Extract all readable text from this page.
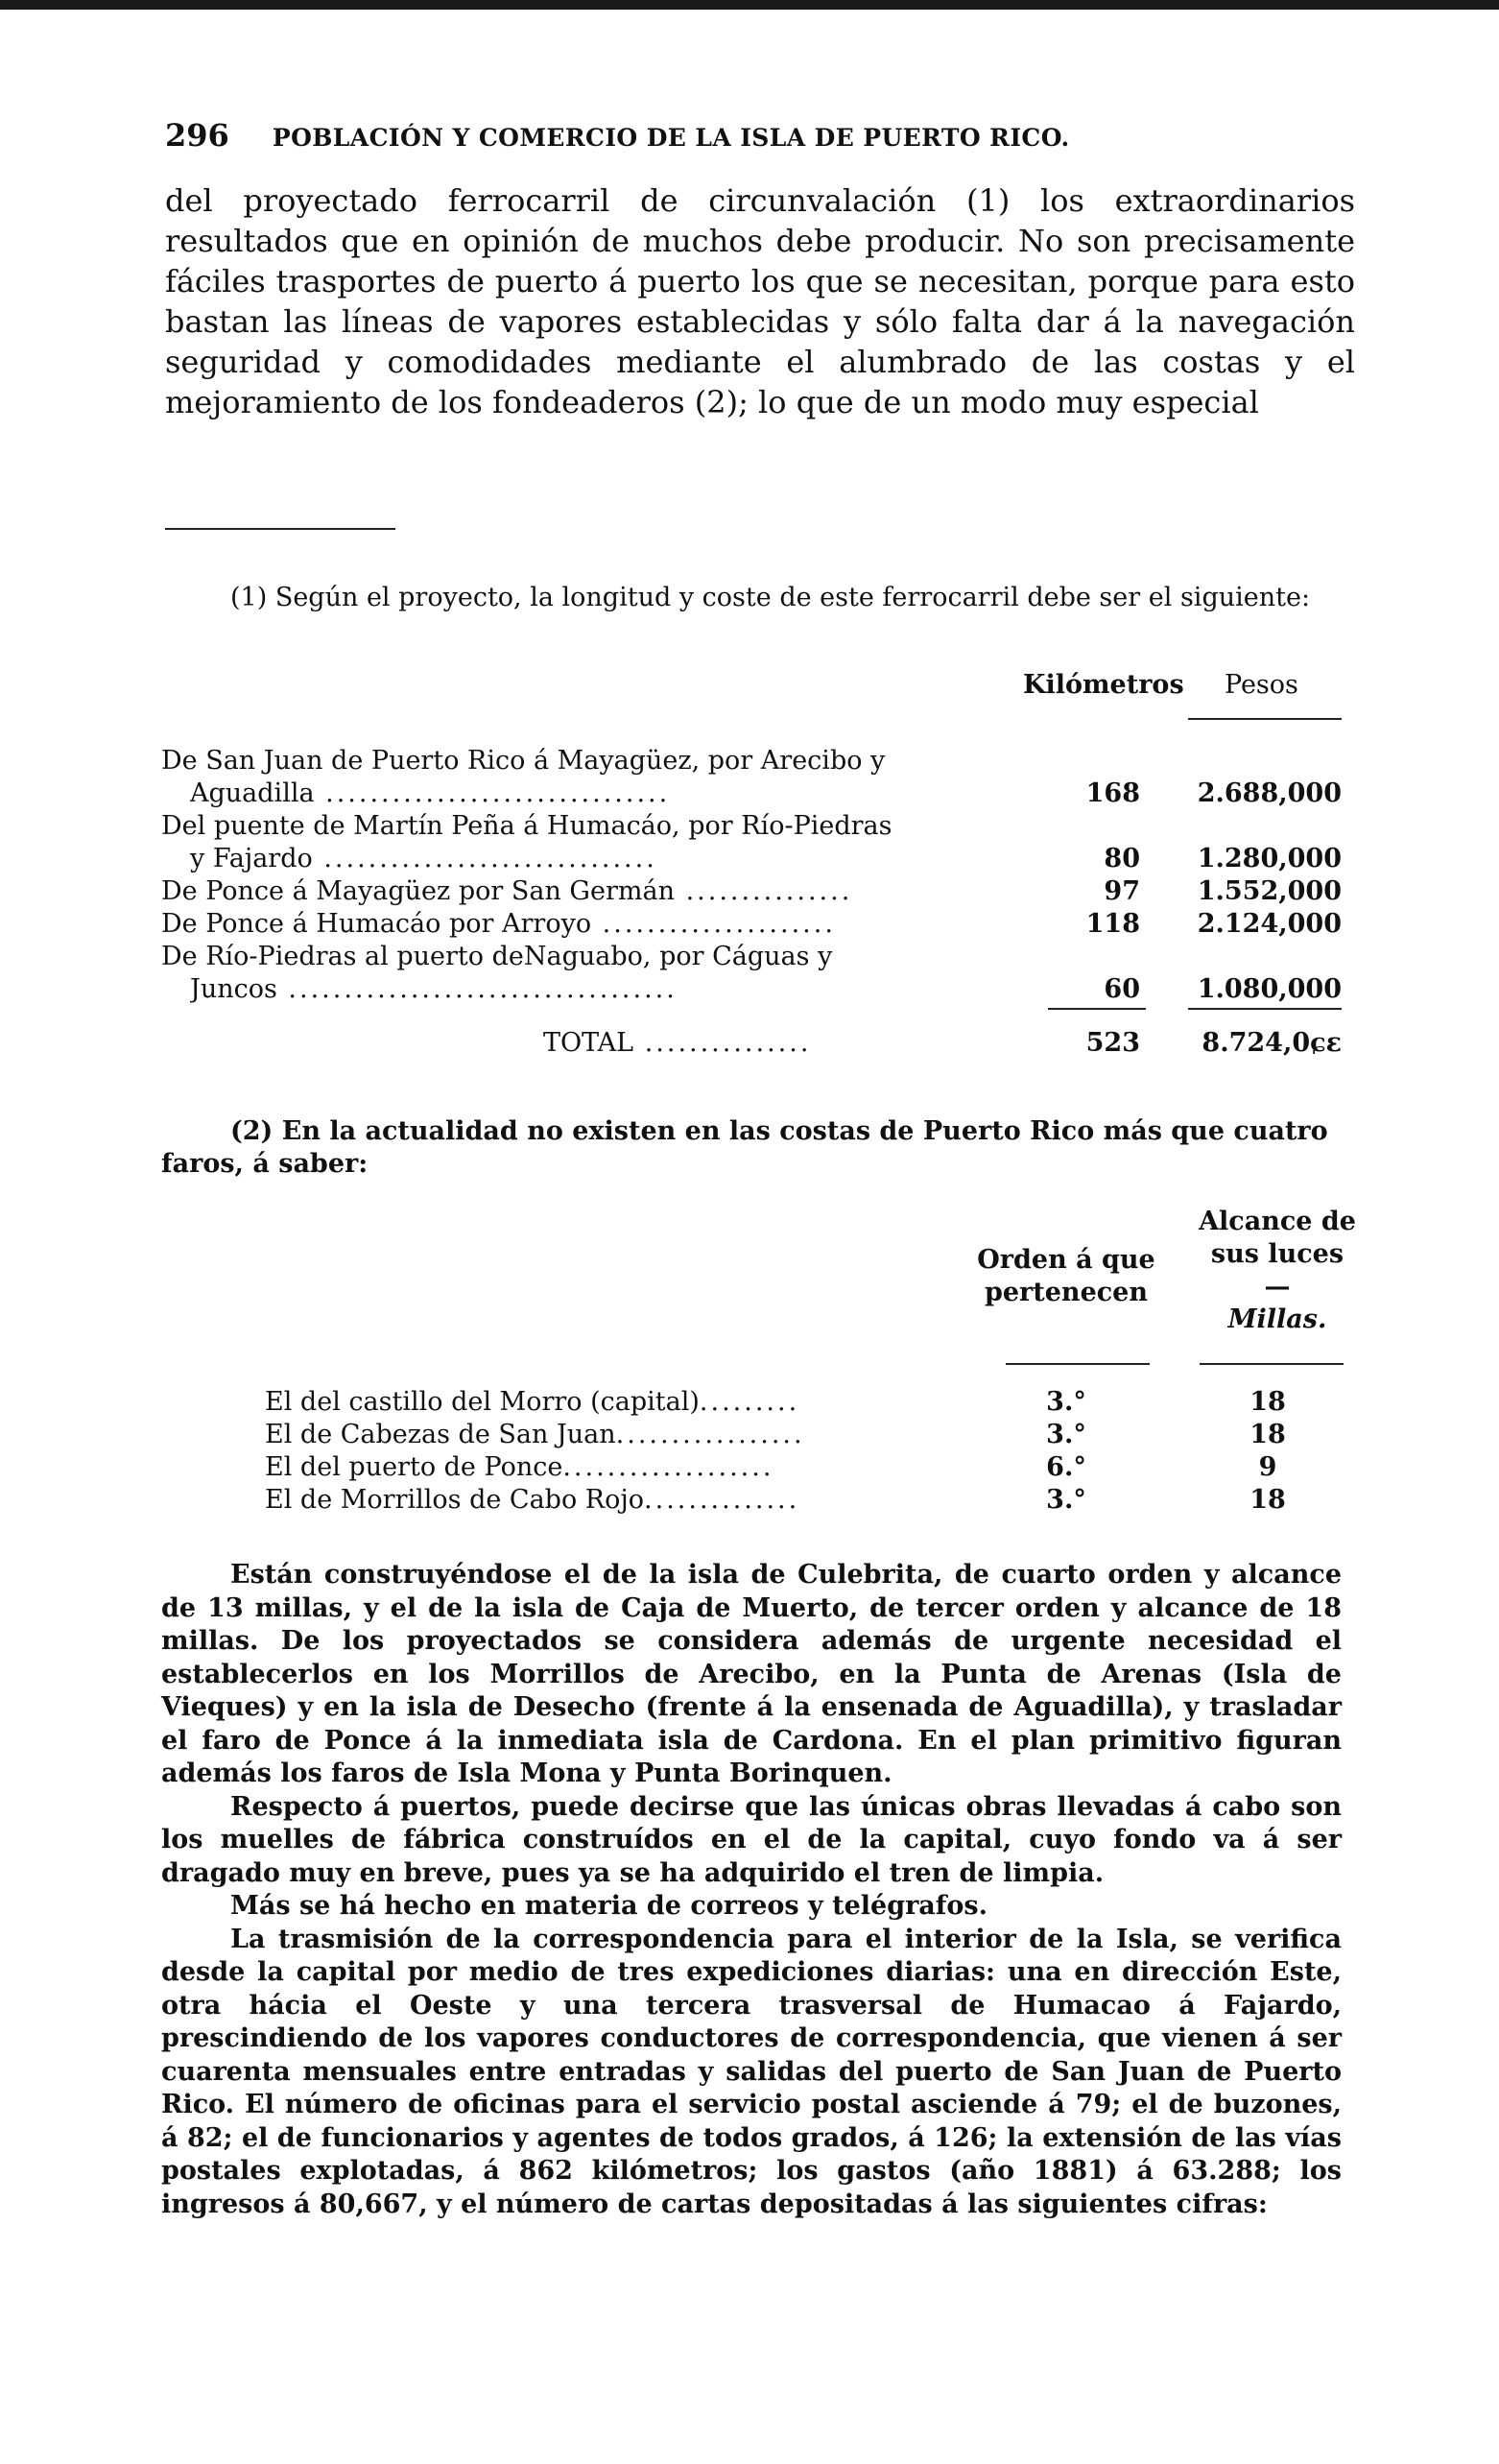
296 POBLACIÓN Y COMERCIO DE LA ISLA DE PUERTO RICO.

del proyectado ferrocarril de circunvalación (1) los extraordinarios resultados que en opinión de muchos debe producir. No son precisamente fáciles trasportes de puerto á puerto los que se necesitan, porque para esto bastan las líneas de vapores establecidas y sólo falta dar á la navegación seguridad y comodidades mediante el alumbrado de las costas y el mejoramiento de los fondeaderos (2); lo que de un modo muy especial

(1) Según el proyecto, la longitud y coste de este ferrocarril debe ser el siguiente:

Kilómetros Pesos
De San Juan de Puerto Rico á Mayagüez, por Arecibo y
Aguadilla ...............................	168	2.688,000
Del puente de Martín Peña á Humacáo, por Río-Piedras
y Fajardo ..............................	80	1.280,000
De Ponce á Mayagüez por San Germán ...............	97	1.552,000
De Ponce á Humacáo por Arroyo .....................	118	2.124,000
De Río-Piedras al puerto deNaguabo, por Cáguas y
Juncos ...................................	60	1.080,000
TOTAL ...............	523	8.724,0ɕɛ

(2) En la actualidad no existen en las costas de Puerto Rico más que cuatro faros, á saber:

Orden á que pertenecen
Alcance de sus luces
—
Millas.
El del castillo del Morro (capital).........	3.°	18
El de Cabezas de San Juan.................	3.°	18
El del puerto de Ponce...................	6.°	9
El de Morrillos de Cabo Rojo..............	3.°	18

Están construyéndose el de la isla de Culebrita, de cuarto orden y alcance de 13 millas, y el de la isla de Caja de Muerto, de tercer orden y alcance de 18 millas. De los proyectados se considera además de urgente necesidad el establecerlos en los Morrillos de Arecibo, en la Punta de Arenas (Isla de Vieques) y en la isla de Desecho (frente á la ensenada de Aguadilla), y trasladar el faro de Ponce á la inmediata isla de Cardona. En el plan primitivo figuran además los faros de Isla Mona y Punta Borinquen.

Respecto á puertos, puede decirse que las únicas obras llevadas á cabo son los muelles de fábrica construídos en el de la capital, cuyo fondo va á ser dragado muy en breve, pues ya se ha adquirido el tren de limpia.

Más se há hecho en materia de correos y telégrafos.

La trasmisión de la correspondencia para el interior de la Isla, se verifica desde la capital por medio de tres expediciones diarias: una en dirección Este, otra hácia el Oeste y una tercera trasversal de Humacao á Fajardo, prescindiendo de los vapores conductores de correspondencia, que vienen á ser cuarenta mensuales entre entradas y salidas del puerto de San Juan de Puerto Rico. El número de oficinas para el servicio postal asciende á 79; el de buzones, á 82; el de funcionarios y agentes de todos grados, á 126; la extensión de las vías postales explotadas, á 862 kilómetros; los gastos (año 1881) á 63.288; los ingresos á 80,667, y el número de cartas depositadas á las siguientes cifras:
